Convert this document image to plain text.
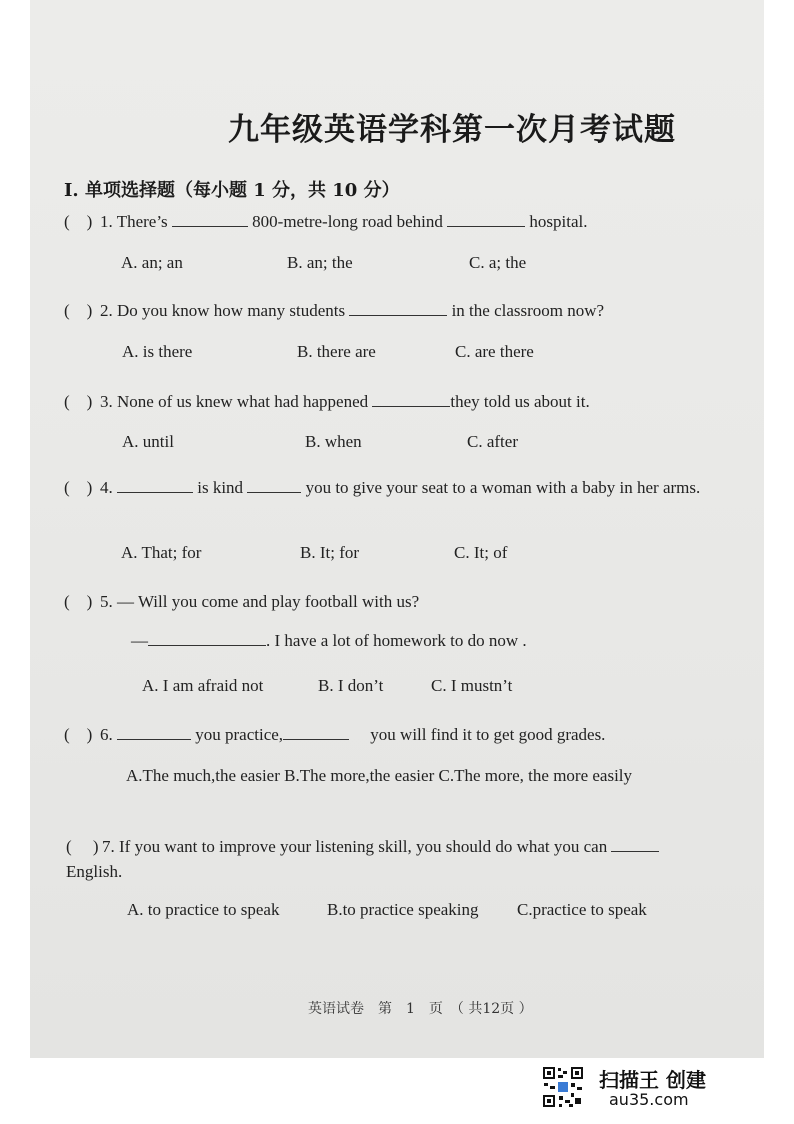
九年级英语学科第一次月考试题
Ⅰ. 单项选择题（每小题 1 分，共 10 分）
(　) 1. There’s	800-metre-long road behind	hospital.
A. an; an	B. an; the	C. a; the
(　) 2. Do you know how many students	in the classroom now?
A. is there	B. there are	C. are there
(　) 3. None of us knew what had happened	they told us about it.
A. until	B. when	C. after
(　) 4.	is kind	you to give your seat to a woman with a baby in her arms.
A. That; for	B. It; for	C. It; of
(　) 5. — Will you come and play football with us?
—	. I have a lot of homework to do now .
A. I am afraid not	B. I don’t	C. I mustn’t
(　) 6.	you practice,	　 you will find it to get good grades.
A.The much,the easier B.The more,the easier C.The more, the more easily
(　 ) 7. If you want to improve your listening skill, you should do what you can English.
A. to practice to speak	B.to practice speaking C.practice to speak
英语试卷　第　1　页　（ 共12页 ）
扫描王 创建
au35.com
